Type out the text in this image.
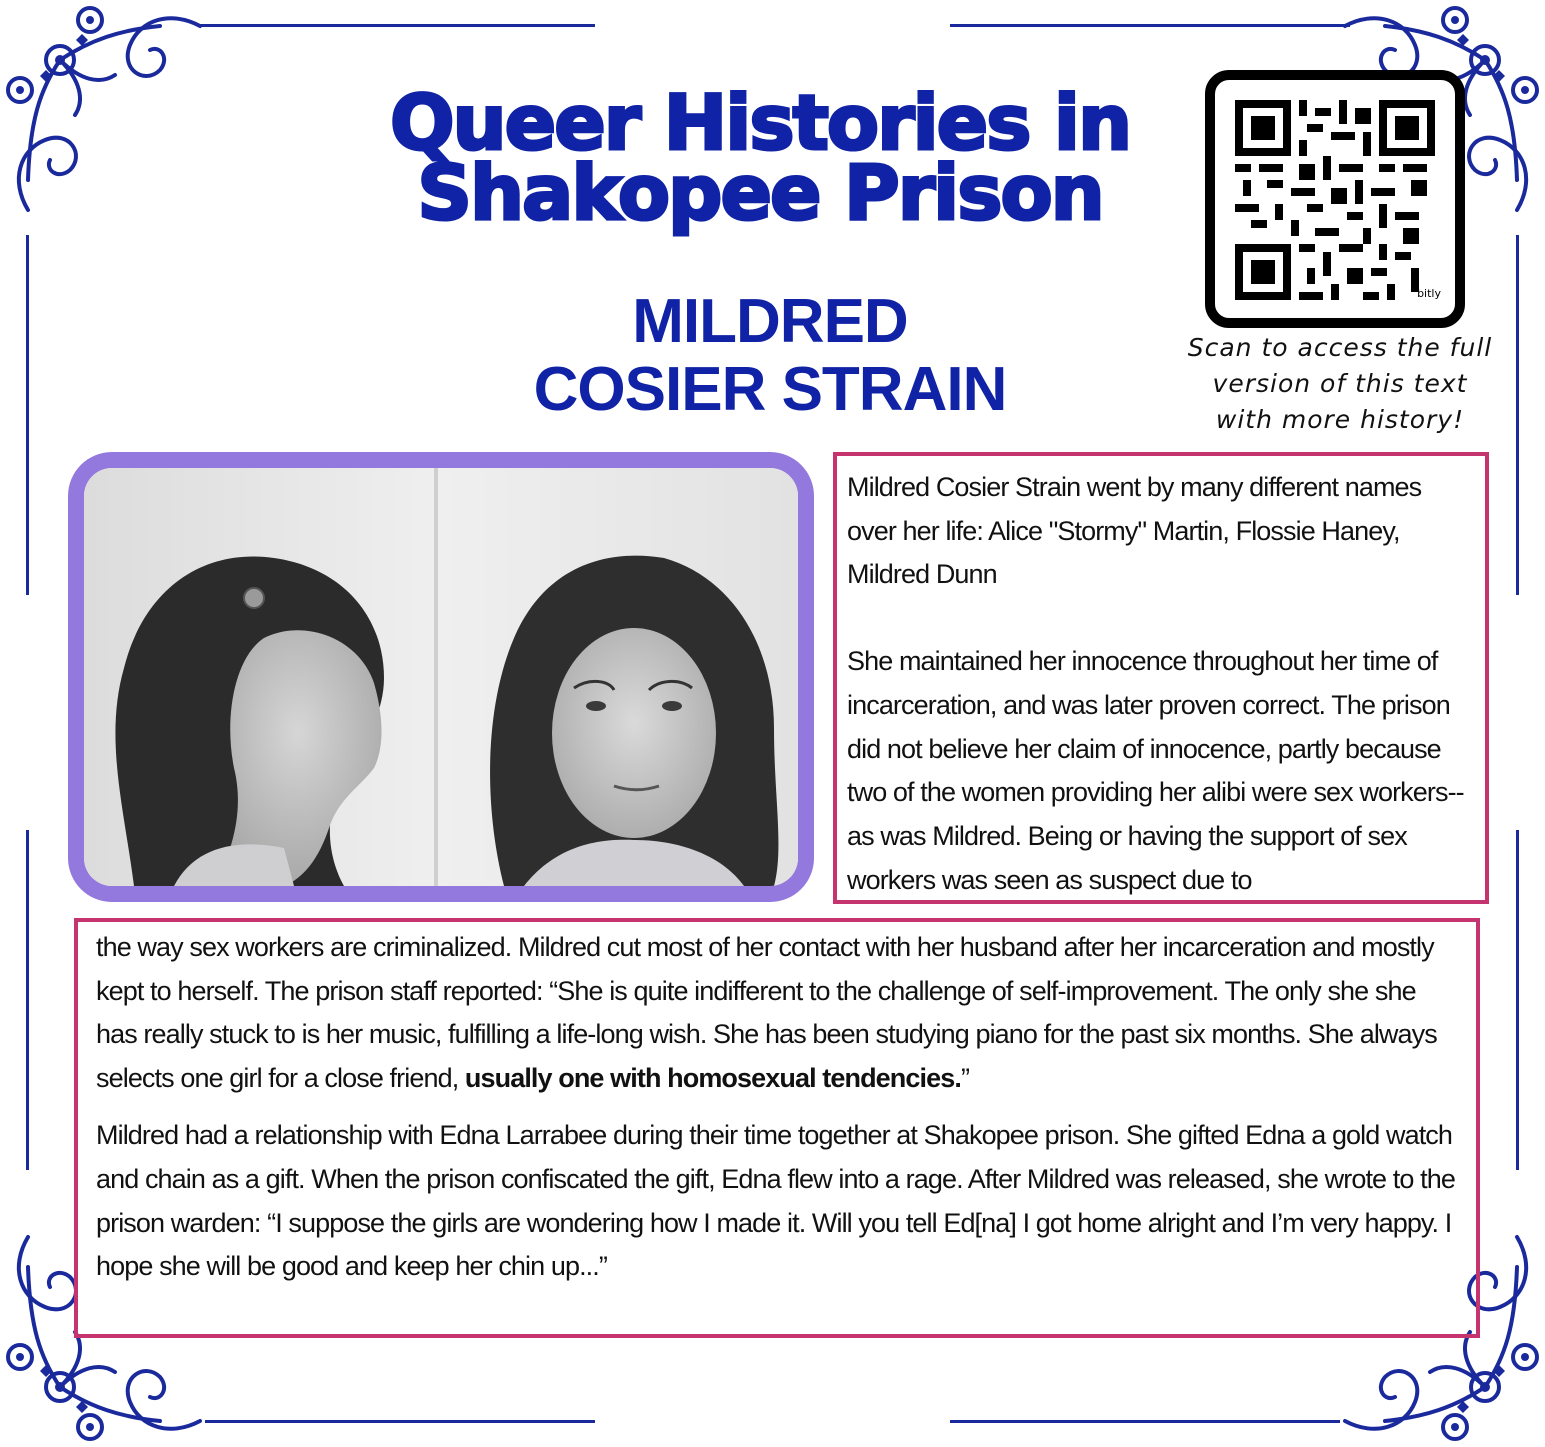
Queer Histories in
Shakopee Prison
MILDRED
COSIER STRAIN
bitly
Scan to access the full
version of this text
with more history!

Mildred Cosier Strain went by many different names over her life: Alice "Stormy" Martin, Flossie Haney, Mildred Dunn

She maintained her innocence throughout her time of incarceration, and was later proven correct. The prison did not believe her claim of innocence, partly because two of the women providing her alibi were sex workers-- as was Mildred. Being or having the support of sex workers was seen as suspect due to

the way sex workers are criminalized. Mildred cut most of her contact with her husband after her incarceration and mostly kept to herself. The prison staff reported: “She is quite indifferent to the challenge of self-improvement. The only she she has really stuck to is her music, fulfilling a life-long wish. She has been studying piano for the past six months. She always selects one girl for a close friend, usually one with homosexual tendencies.”

Mildred had a relationship with Edna Larrabee during their time together at Shakopee prison. She gifted Edna a gold watch and chain as a gift. When the prison confiscated the gift, Edna flew into a rage. After Mildred was released, she wrote to the prison warden: “I suppose the girls are wondering how I made it. Will you tell Ed[na] I got home alright and I’m very happy. I hope she will be good and keep her chin up...”
